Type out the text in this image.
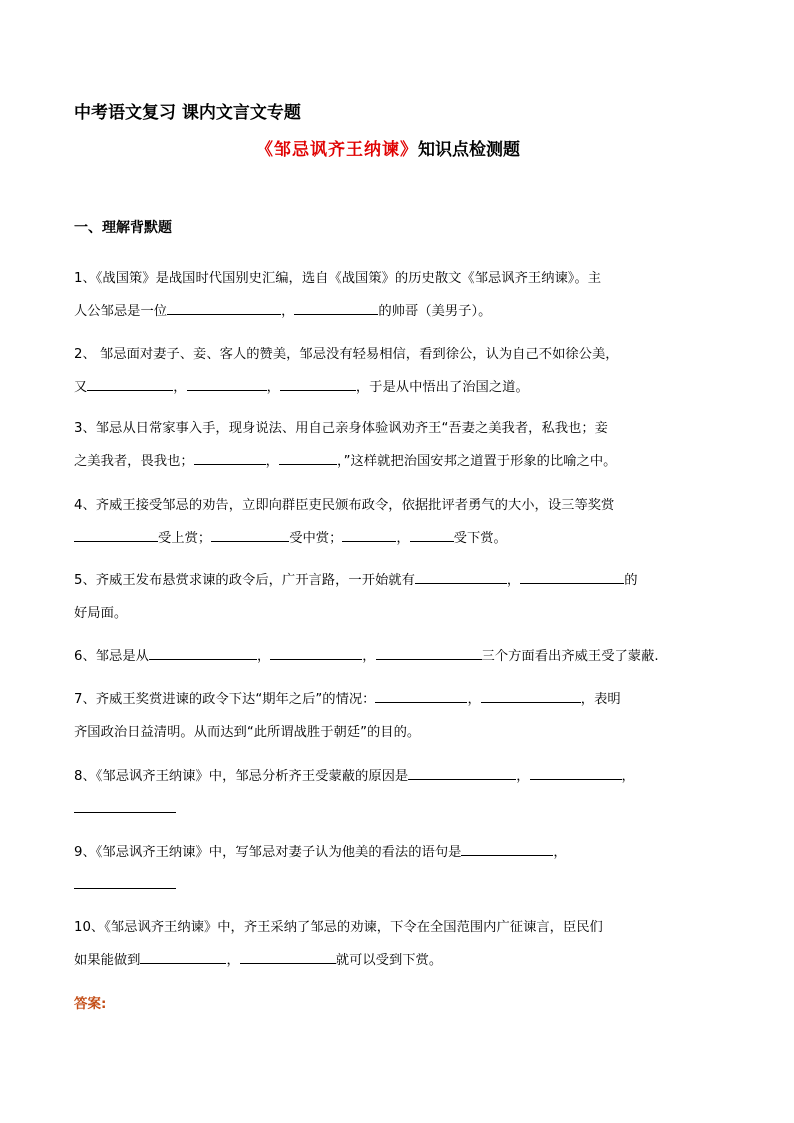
中考语文复习 课内文言文专题
《邹忌讽齐王纳谏》知识点检测题
一、理解背默题
1、《战国策》是战国时代国别史汇编，选自《战国策》的历史散文《邹忌讽齐王纳谏》。主
人公邹忌是一位	，	的帅哥（美男子）。
2、 邹忌面对妻子、妾、客人的赞美，邹忌没有轻易相信，看到徐公，认为自己不如徐公美，
又	，	，	，于是从中悟出了治国之道。
3、邹忌从日常家事入手，现身说法、用自己亲身体验讽劝齐王“吾妻之美我者，私我也；妾
之美我者，畏我也；	，	，”这样就把治国安邦之道置于形象的比喻之中。
4、齐威王接受邹忌的劝告，立即向群臣吏民颁布政令，依据批评者勇气的大小，设三等奖赏
受上赏；	受中赏；	，	受下赏。
5、齐威王发布悬赏求谏的政令后，广开言路，一开始就有	，	的
好局面。
6、邹忌是从	，	，	三个方面看出齐威王受了蒙蔽.
7、齐威王奖赏进谏的政令下达“期年之后”的情况：	，	，表明
齐国政治日益清明。从而达到“此所谓战胜于朝廷”的目的。
8、《邹忌讽齐王纳谏》中，邹忌分析齐王受蒙蔽的原因是	，	，
9、《邹忌讽齐王纳谏》中，写邹忌对妻子认为他美的看法的语句是	，
10、《邹忌讽齐王纳谏》中，齐王采纳了邹忌的劝谏，下令在全国范围内广征谏言，臣民们
如果能做到	，	就可以受到下赏。
答案:
